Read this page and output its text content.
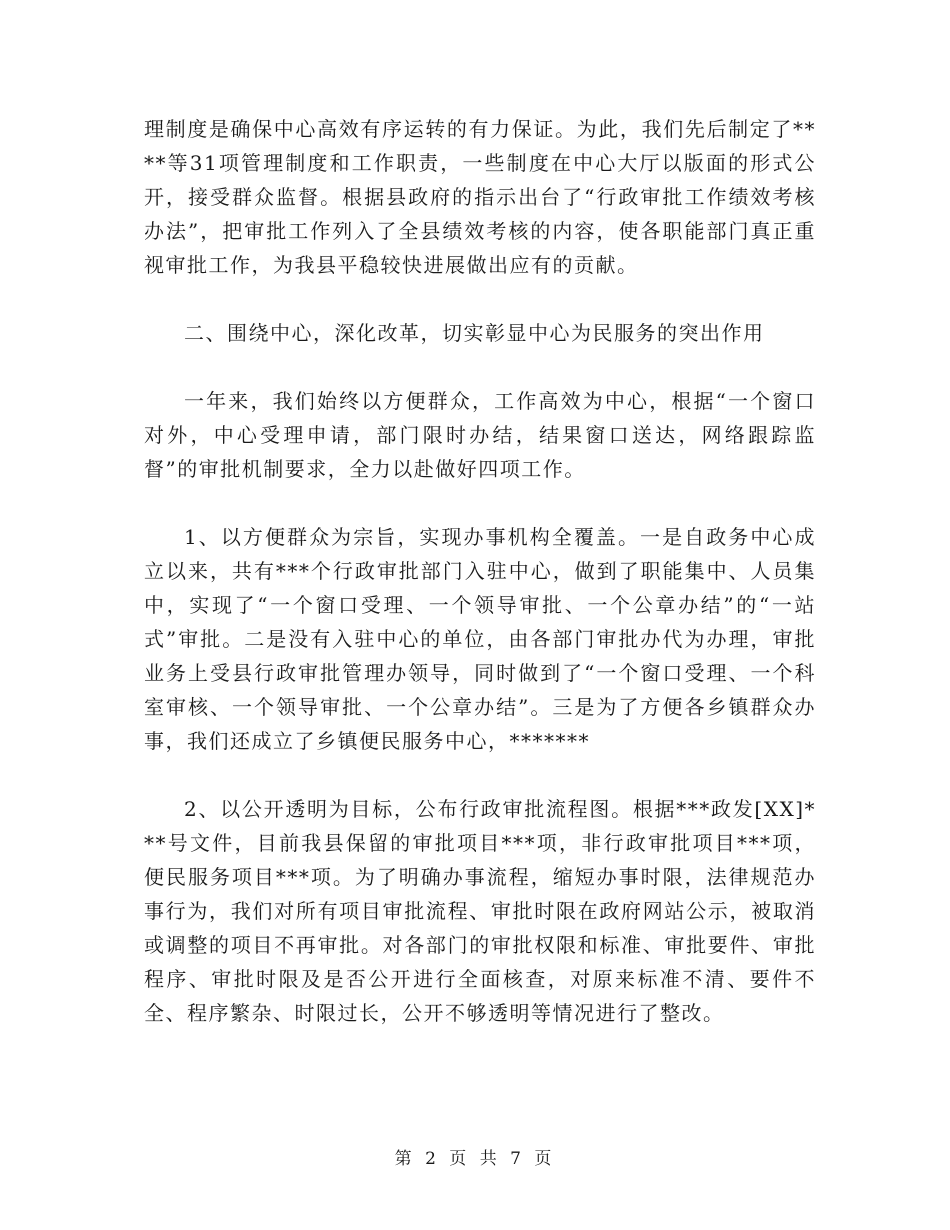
理制度是确保中心高效有序运转的有力保证。为此，我们先后制定了****等31项管理制度和工作职责，一些制度在中心大厅以版面的形式公开，接受群众监督。根据县政府的指示出台了“行政审批工作绩效考核办法”，把审批工作列入了全县绩效考核的内容，使各职能部门真正重视审批工作，为我县平稳较快进展做出应有的贡献。

二、围绕中心，深化改革，切实彰显中心为民服务的突出作用

一年来，我们始终以方便群众，工作高效为中心，根据“一个窗口对外，中心受理申请，部门限时办结，结果窗口送达，网络跟踪监督”的审批机制要求，全力以赴做好四项工作。

1、以方便群众为宗旨，实现办事机构全覆盖。一是自政务中心成立以来，共有***个行政审批部门入驻中心，做到了职能集中、人员集中，实现了“一个窗口受理、一个领导审批、一个公章办结”的“一站式”审批。二是没有入驻中心的单位，由各部门审批办代为办理，审批业务上受县行政审批管理办领导，同时做到了“一个窗口受理、一个科室审核、一个领导审批、一个公章办结”。三是为了方便各乡镇群众办事，我们还成立了乡镇便民服务中心，*******

2、以公开透明为目标，公布行政审批流程图。根据***政发[XX]***号文件，目前我县保留的审批项目***项，非行政审批项目***项，便民服务项目***项。为了明确办事流程，缩短办事时限，法律规范办事行为，我们对所有项目审批流程、审批时限在政府网站公示，被取消或调整的项目不再审批。对各部门的审批权限和标准、审批要件、审批程序、审批时限及是否公开进行全面核查，对原来标准不清、要件不全、程序繁杂、时限过长，公开不够透明等情况进行了整改。

第 2 页 共 7 页
